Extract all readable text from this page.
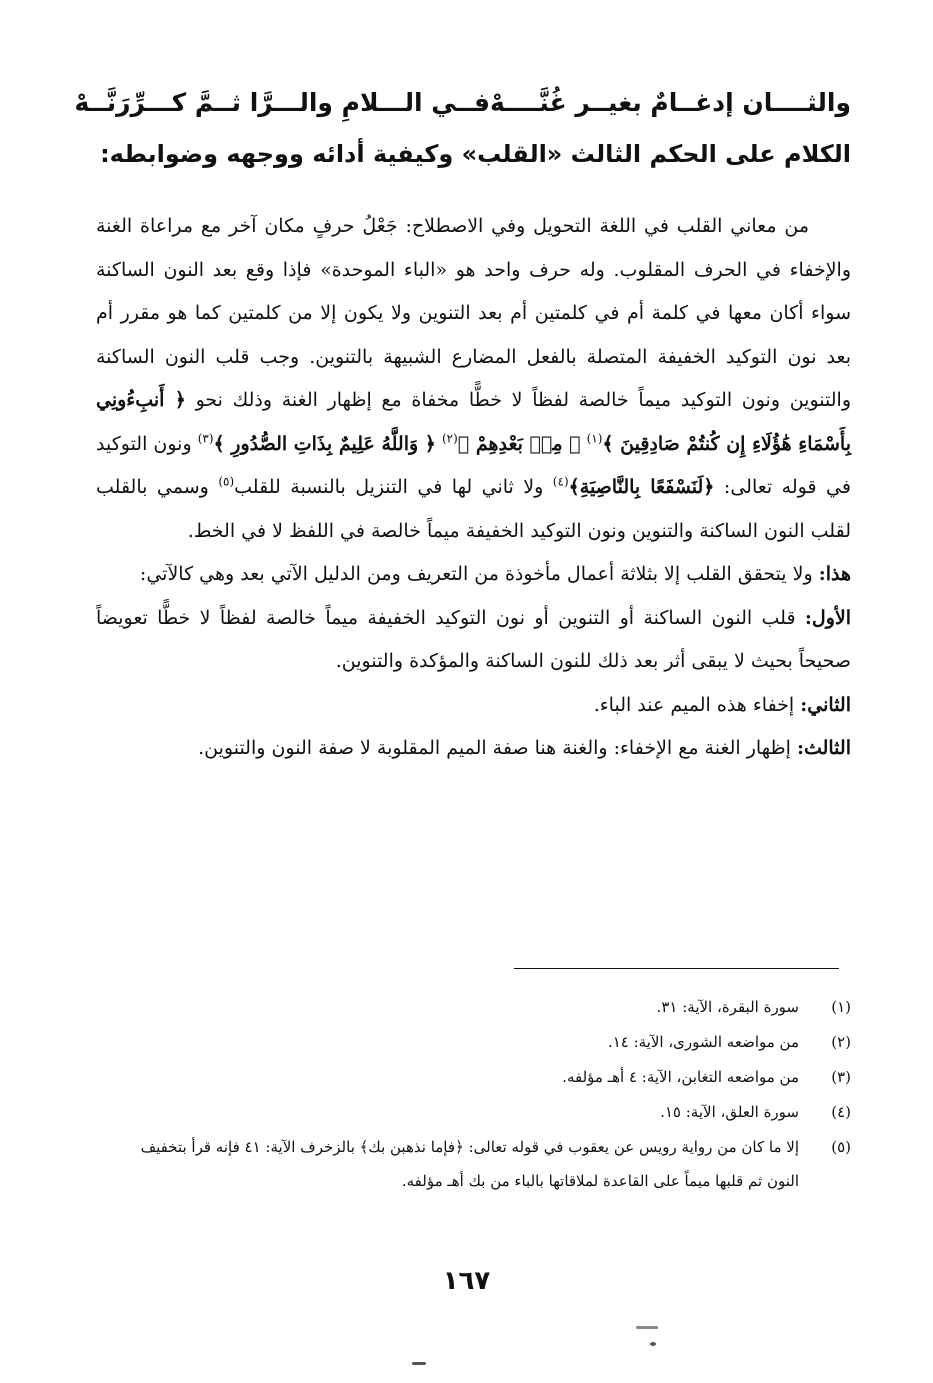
والثــــان إدغــامٌ بغيــر غُنَّــــهْ
فــي الـــلامِ والـــرَّا ثــمَّ كـــرِّرَنَّــهْ
الكلام على الحكم الثالث «القلب» وكيفية أدائه ووجهه وضوابطه:

من معاني القلب في اللغة التحويل وفي الاصطلاح: جَعْلُ حرفٍ مكان آخر مع مراعاة الغنة والإخفاء في الحرف المقلوب. وله حرف واحد هو «الباء الموحدة» فإذا وقع بعد النون الساكنة سواء أكان معها في كلمة أم في كلمتين أم بعد التنوين ولا يكون إلا من كلمتين كما هو مقرر أم بعد نون التوكيد الخفيفة المتصلة بالفعل المضارع الشبيهة بالتنوين. وجب قلب النون الساكنة والتنوين ونون التوكيد ميماً خالصة لفظاً لا خطًّا مخفاة مع إظهار الغنة وذلك نحو ﴿ أَنبِءُونِي بِأَسْمَاءِ هَٰؤُلَاءِ إِن كُنتُمْ صَادِقِينَ ﴾$^{(١)}$ ﴿ مِنۢ بَعْدِهِمْ ﴾$^{(٢)}$ ﴿ وَاللَّهُ عَلِيمٌ بِذَاتِ الصُّدُورِ ﴾$^{(٣)}$ ونون التوكيد في قوله تعالى: ﴿لَنَسْفَعًا بِالنَّاصِيَةِ﴾$^{(٤)}$ ولا ثاني لها في التنزيل بالنسبة للقلب$^{(٥)}$ وسمي بالقلب لقلب النون الساكنة والتنوين ونون التوكيد الخفيفة ميماً خالصة في اللفظ لا في الخط.

هذا: ولا يتحقق القلب إلا بثلاثة أعمال مأخوذة من التعريف ومن الدليل الآتي بعد وهي كالآتي:

الأول: قلب النون الساكنة أو التنوين أو نون التوكيد الخفيفة ميماً خالصة لفظاً لا خطًّا تعويضاً صحيحاً بحيث لا يبقى أثر بعد ذلك للنون الساكنة والمؤكدة والتنوين.

الثاني: إخفاء هذه الميم عند الباء.

الثالث: إظهار الغنة مع الإخفاء: والغنة هنا صفة الميم المقلوبة لا صفة النون والتنوين.

(١)
سورة البقرة، الآية: ٣١.
(٢)
من مواضعه الشورى، الآية: ١٤.
(٣)
من مواضعه التغابن، الآية: ٤ أهـ مؤلفه.
(٤)
سورة العلق، الآية: ١٥.
(٥)
إلا ما كان من رواية رويس عن يعقوب في قوله تعالى: ﴿فإما نذهبن بك﴾ بالزخرف الآية: ٤١ فإنه قرأ بتخفيف النون ثم قلبها ميماً على القاعدة لملاقاتها بالباء من بك أهـ مؤلفه.
١٦٧
